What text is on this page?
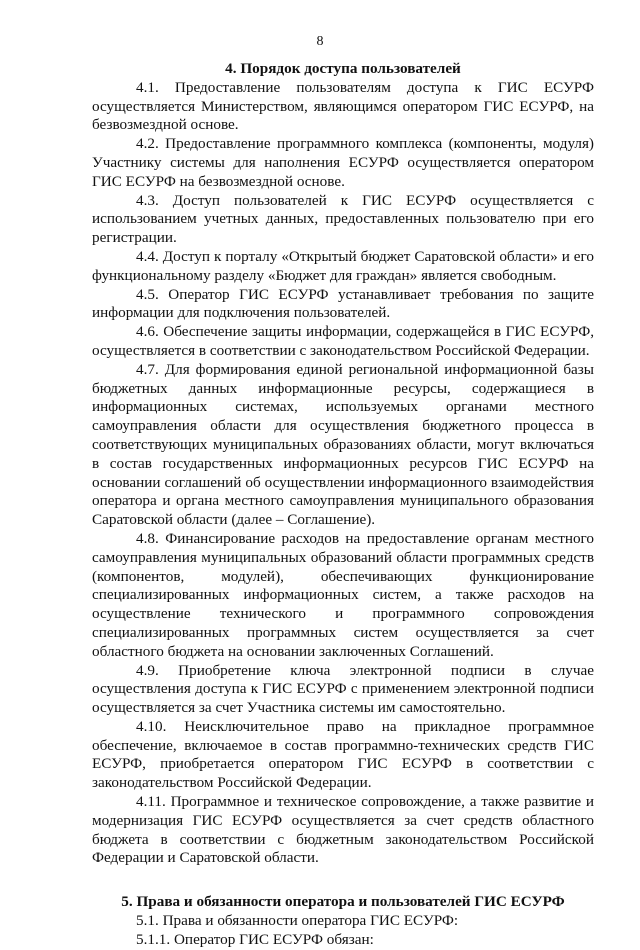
8

4. Порядок доступа пользователей

4.1. Предоставление пользователям доступа к ГИС ЕСУРФ осуществляется Министерством, являющимся оператором ГИС ЕСУРФ, на безвозмездной основе.

4.2. Предоставление программного комплекса (компоненты, модуля) Участнику системы для наполнения ЕСУРФ осуществляется оператором ГИС ЕСУРФ на безвозмездной основе.

4.3. Доступ пользователей к ГИС ЕСУРФ осуществляется с использованием учетных данных, предоставленных пользователю при его регистрации.

4.4. Доступ к порталу «Открытый бюджет Саратовской области» и его функциональному разделу «Бюджет для граждан» является свободным.

4.5. Оператор ГИС ЕСУРФ устанавливает требования по защите информации для подключения пользователей.

4.6. Обеспечение защиты информации, содержащейся в ГИС ЕСУРФ, осуществляется в соответствии с законодательством Российской Федерации.

4.7. Для формирования единой региональной информационной базы бюджетных данных информационные ресурсы, содержащиеся в информационных системах, используемых органами местного самоуправления области для осуществления бюджетного процесса в соответствующих муниципальных образованиях области, могут включаться в состав государственных информационных ресурсов ГИС ЕСУРФ на основании соглашений об осуществлении информационного взаимодействия оператора и органа местного самоуправления муниципального образования Саратовской области (далее – Соглашение).

4.8. Финансирование расходов на предоставление органам местного самоуправления муниципальных образований области программных средств (компонентов, модулей), обеспечивающих функционирование специализированных информационных систем, а также расходов на осуществление технического и программного сопровождения специализированных программных систем осуществляется за счет областного бюджета на основании заключенных Соглашений.

4.9. Приобретение ключа электронной подписи в случае осуществления доступа к ГИС ЕСУРФ с применением электронной подписи осуществляется за счет Участника системы им самостоятельно.

4.10. Неисключительное право на прикладное программное обеспечение, включаемое в состав программно-технических средств ГИС ЕСУРФ, приобретается оператором ГИС ЕСУРФ в соответствии с законодательством Российской Федерации.

4.11. Программное и техническое сопровождение, а также развитие и модернизация ГИС ЕСУРФ осуществляется за счет средств областного бюджета в соответствии с бюджетным законодательством Российской Федерации и Саратовской области.

5. Права и обязанности оператора и пользователей ГИС ЕСУРФ

5.1. Права и обязанности оператора ГИС ЕСУРФ:

5.1.1. Оператор ГИС ЕСУРФ обязан:
